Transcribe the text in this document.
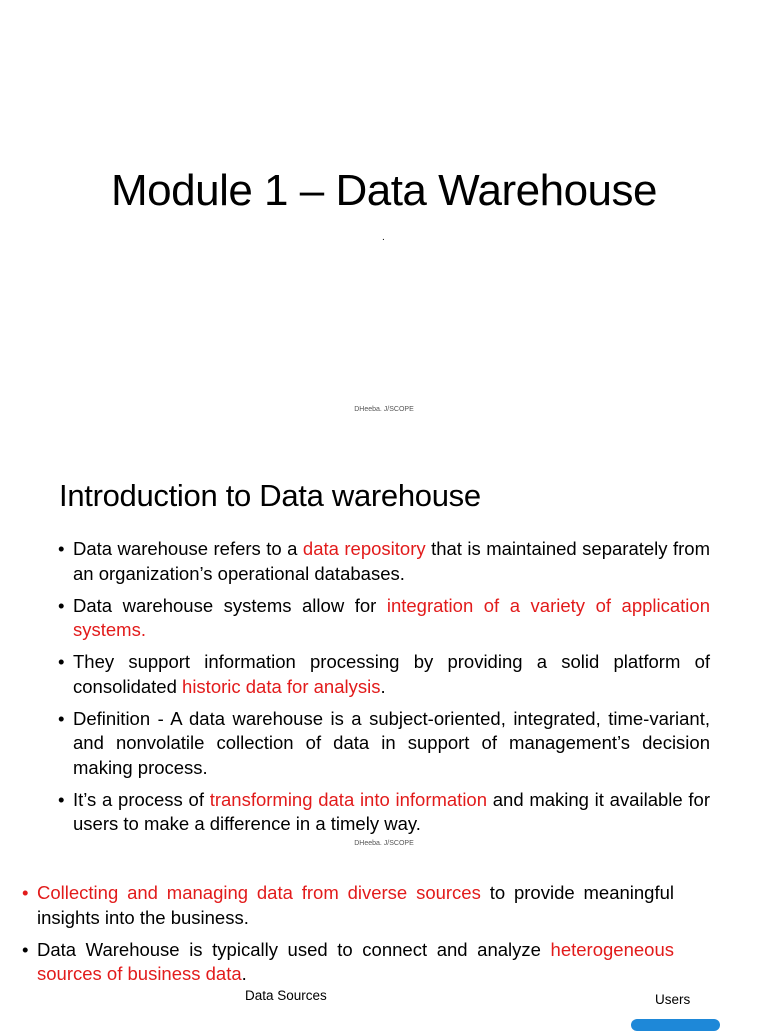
Module 1 – Data Warehouse
.
DHeeba. J/SCOPE
Introduction to Data warehouse
• Data warehouse refers to a data repository that is maintained separately from an organization’s operational databases.
• Data warehouse systems allow for integration of a variety of application systems.
• They support information processing by providing a solid platform of consolidated historic data for analysis.
• Definition - A data warehouse is a subject-oriented, integrated, time-variant, and nonvolatile collection of data in support of management’s decision making process.
• It’s a process of transforming data into information and making it available for users to make a difference in a timely way.
DHeeba. J/SCOPE
• Collecting and managing data from diverse sources to provide meaningful insights into the business.
• Data Warehouse is typically used to connect and analyze heterogeneous sources of business data.
Data Sources	Users
